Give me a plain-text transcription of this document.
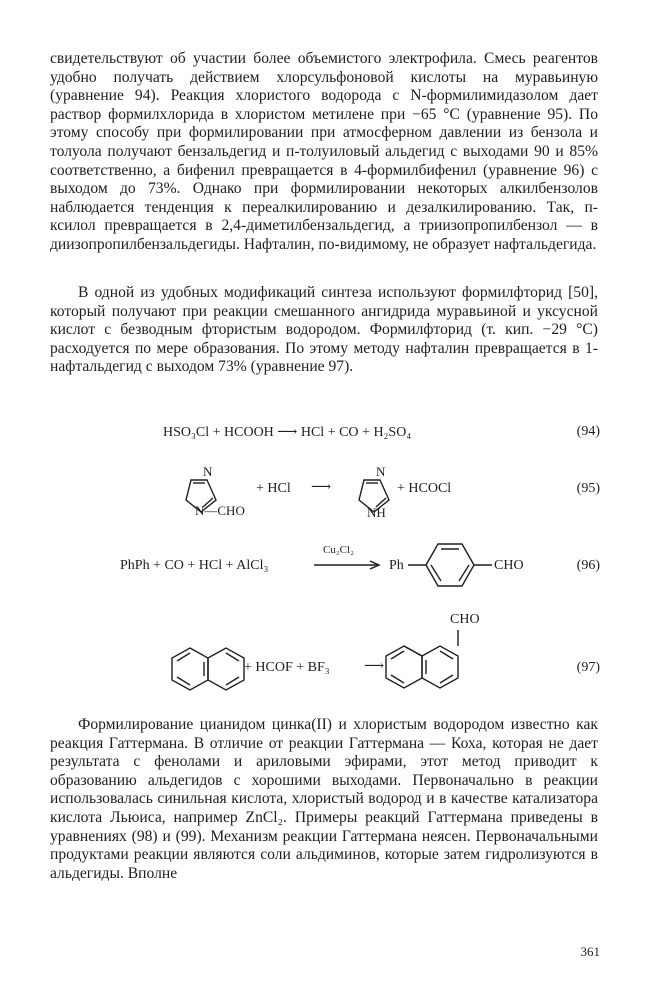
свидетельствуют об участии более объемистого электрофила. Смесь реагентов удобно получать действием хлорсульфоновой кислоты на муравьиную (уравнение 94). Реакция хлористого водорода с N-формилимидазолом дает раствор формилхлорида в хлористом метилене при −65 °С (уравнение 95). По этому способу при формилировании при атмосферном давлении из бензола и толуола получают бензальдегид и п-толуиловый альдегид с выходами 90 и 85% соответственно, а бифенил превращается в 4-формилбифенил (уравнение 96) с выходом до 73%. Однако при формилировании некоторых алкилбензолов наблюдается тенденция к переалкилированию и дезалкилированию. Так, п-ксилол превращается в 2,4-диметилбензальдегид, а триизопропилбензол — в диизопропилбензальдегиды. Нафталин, по-видимому, не образует нафтальдегида.

В одной из удобных модификаций синтеза используют формилфторид [50], который получают при реакции смешанного ангидрида муравьиной и уксусной кислот с безводным фтористым водородом. Формилфторид (т. кип. −29 °С) расходуется по мере образования. По этому методу нафталин превращается в 1-нафтальдегид с выходом 73% (уравнение 97).

HSO₃Cl + HCOOH ⟶ HCl + CO + H₂SO₄	(94)
N
N—CHO
+ HCl ⟶
N
NH
+ HCOCl	(95)
PhPh + CO + HCl + AlCl₃
Cu₂Cl₂
Ph	CHO	(96)
+ HCOF + BF₃ ⟶
CHO
(97)

Формилирование цианидом цинка(II) и хлористым водородом известно как реакция Гаттермана. В отличие от реакции Гаттермана — Коха, которая не дает результата с фенолами и ариловыми эфирами, этот метод приводит к образованию альдегидов с хорошими выходами. Первоначально в реакции использовалась синильная кислота, хлористый водород и в качестве катализатора кислота Льюиса, например ZnCl₂. Примеры реакций Гаттермана приведены в уравнениях (98) и (99). Механизм реакции Гаттермана неясен. Первоначальными продуктами реакции являются соли альдиминов, которые затем гидролизуются в альдегиды. Вполне

361
